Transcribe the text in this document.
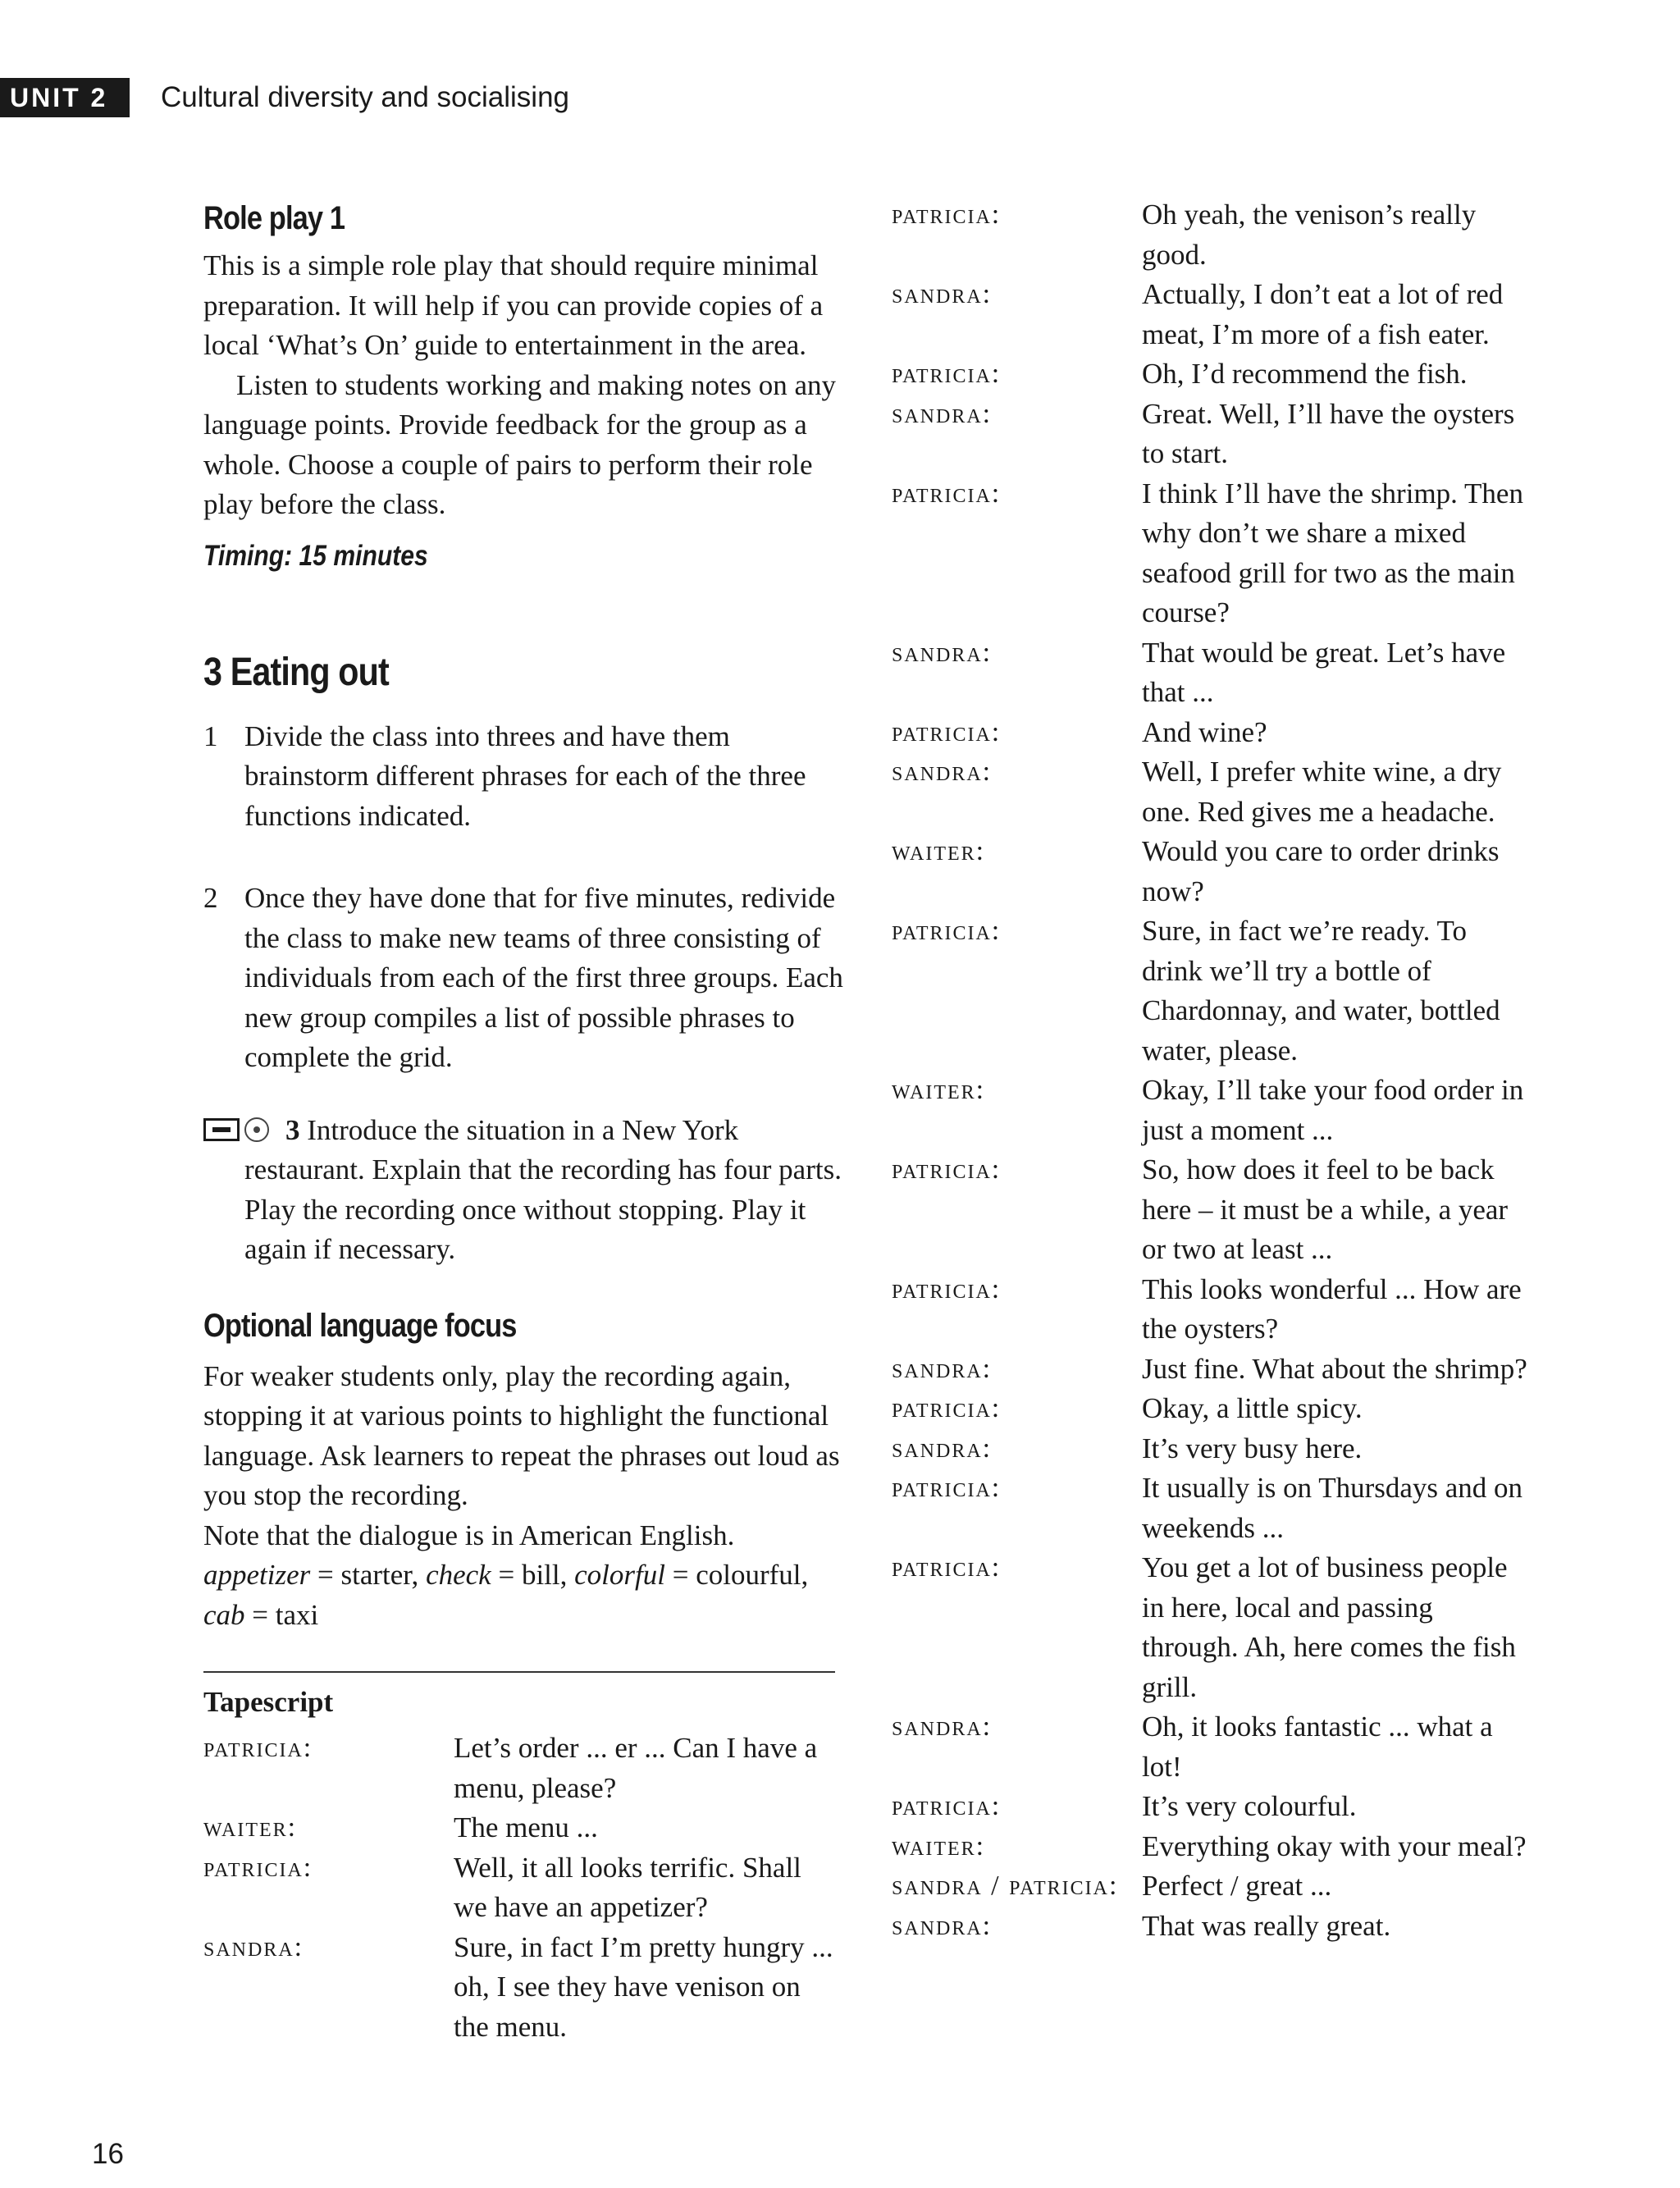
UNIT 2	Cultural diversity and socialising
Role play 1

This is a simple role play that should require minimal preparation. It will help if you can provide copies of a local ‘What’s On’ guide to entertainment in the area.

Listen to students working and making notes on any language points. Provide feedback for the group as a whole. Choose a couple of pairs to perform their role play before the class.

Timing: 15 minutes
3 Eating out
1 Divide the class into threes and have them brainstorm different phrases for each of the three functions indicated.
2 Once they have done that for five minutes, redivide the class to make new teams of three consisting of individuals from each of the first three groups. Each new group compiles a list of possible phrases to complete the grid.
3 Introduce the situation in a New York restaurant. Explain that the recording has four parts. Play the recording once without stopping. Play it again if necessary.
Optional language focus

For weaker students only, play the recording again, stopping it at various points to highlight the functional language. Ask learners to repeat the phrases out loud as you stop the recording.

Note that the dialogue is in American English.

appetizer = starter, check = bill, colorful = colourful, cab = taxi

Tapescript
patricia:	Let’s order ... er ... Can I have a menu, please?
waiter:	The menu ...
patricia:	Well, it all looks terrific. Shall we have an appetizer?
sandra:	Sure, in fact I’m pretty hungry ... oh, I see they have venison on the menu.
patricia:	Oh yeah, the venison’s really good.
sandra:	Actually, I don’t eat a lot of red meat, I’m more of a fish eater.
patricia:	Oh, I’d recommend the fish.
sandra:	Great. Well, I’ll have the oysters to start.
patricia:	I think I’ll have the shrimp. Then why don’t we share a mixed seafood grill for two as the main course?
sandra:	That would be great. Let’s have that ...
patricia:	And wine?
sandra:	Well, I prefer white wine, a dry one. Red gives me a headache.
waiter:	Would you care to order drinks now?
patricia:	Sure, in fact we’re ready. To drink we’ll try a bottle of Chardonnay, and water, bottled water, please.
waiter:	Okay, I’ll take your food order in just a moment ...
patricia:	So, how does it feel to be back here – it must be a while, a year or two at least ...
patricia:	This looks wonderful ... How are the oysters?
sandra:	Just fine. What about the shrimp?
patricia:	Okay, a little spicy.
sandra:	It’s very busy here.
patricia:	It usually is on Thursdays and on weekends ...
patricia:	You get a lot of business people in here, local and passing through. Ah, here comes the fish grill.
sandra:	Oh, it looks fantastic ... what a lot!
patricia:	It’s very colourful.
waiter:	Everything okay with your meal?
sandra / patricia: Perfect / great ...
sandra:	That was really great.
16
